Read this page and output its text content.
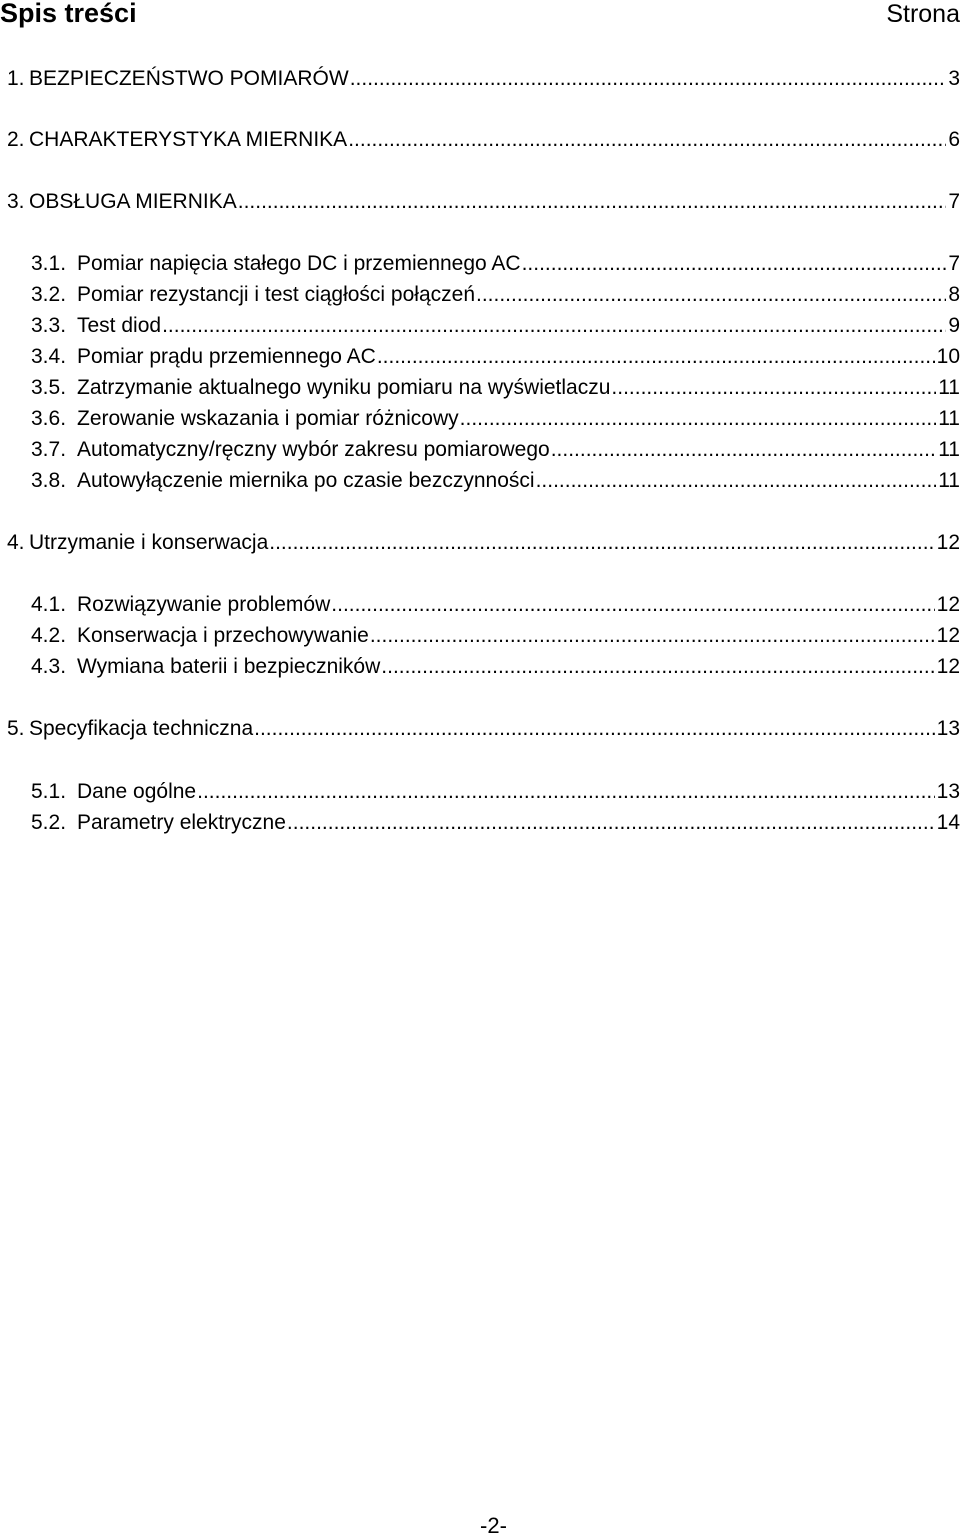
Spis treści	Strona
1. BEZPIECZEŃSTWO POMIARÓW .....	3
2. CHARAKTERYSTYKA MIERNIKA .....	6
3. OBSŁUGA MIERNIKA .....	7
3.1. Pomiar napięcia stałego DC i przemiennego AC .....	7
3.2. Pomiar rezystancji i test ciągłości połączeń .....	8
3.3. Test diod .....	9
3.4. Pomiar prądu przemiennego AC .....	10
3.5. Zatrzymanie aktualnego wyniku pomiaru na wyświetlaczu .....	11
3.6. Zerowanie wskazania i pomiar różnicowy .....	11
3.7. Automatyczny/ręczny wybór zakresu pomiarowego .....	11
3.8. Autowyłączenie miernika po czasie bezczynności .....	11
4. Utrzymanie i konserwacja .....	12
4.1. Rozwiązywanie problemów .....	12
4.2. Konserwacja i przechowywanie .....	12
4.3. Wymiana baterii i bezpieczników .....	12
5. Specyfikacja techniczna .....	13
5.1. Dane ogólne .....	13
5.2. Parametry elektryczne .....	14
-2-
